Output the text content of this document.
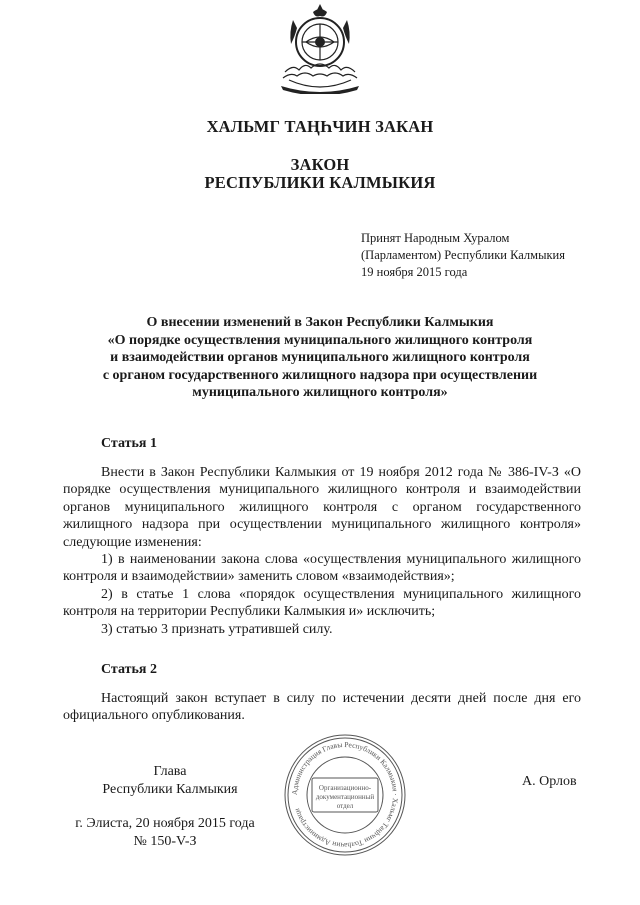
ХАЛЬМГ ТАҢҺЧИН ЗАКАН
ЗАКОН
РЕСПУБЛИКИ КАЛМЫКИЯ
Принят Народным Хуралом
(Парламентом) Республики Калмыкия
19 ноября 2015 года
О внесении изменений в Закон Республики Калмыкия
«О порядке осуществления муниципального жилищного контроля
и взаимодействии органов муниципального жилищного контроля
с органом государственного жилищного надзора при осуществлении
муниципального жилищного контроля»
Статья 1

Внести в Закон Республики Калмыкия от 19 ноября 2012 года № 386-IV-З «О порядке осуществления муниципального жилищного контроля и взаимодействии органов муниципального жилищного контроля с органом государственного жилищного надзора при осуществлении муниципального жилищного контроля» следующие изменения:

1) в наименовании закона слова «осуществления муниципального жилищного контроля и взаимодействии» заменить словом «взаимодействия»;

2) в статье 1 слова «порядок осуществления муниципального жилищного контроля на территории Республики Калмыкия и» исключить;

3) статью 3 признать утратившей силу.

Статья 2

Настоящий закон вступает в силу по истечении десяти дней после дня его официального опубликования.

Администрация Главы Республики Калмыкия · Хальмг Таңһчин Толһачин Администраци
Организационно-
документационный
отдел
Глава
Республики Калмыкия
А. Орлов
г. Элиста, 20 ноября 2015 года
№ 150-V-З
